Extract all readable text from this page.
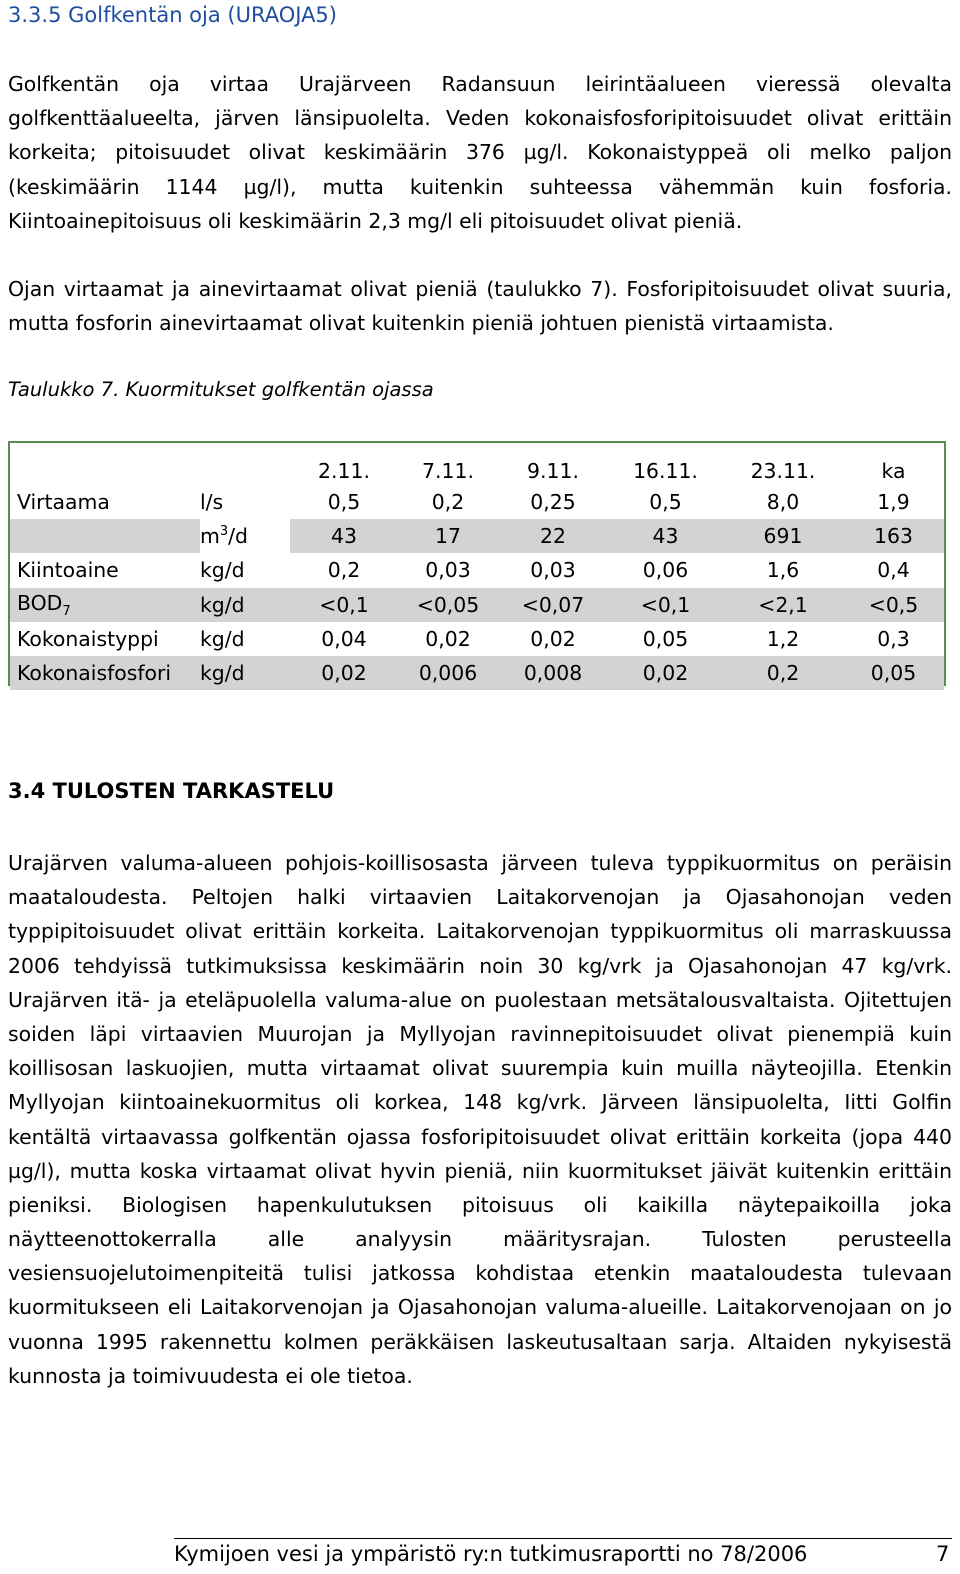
3.3.5 Golfkentän oja (URAOJA5)
Golfkentän oja virtaa Urajärveen Radansuun leirintäalueen vieressä olevalta
golfkenttäalueelta, järven länsipuolelta. Veden kokonaisfosforipitoisuudet olivat erittäin
korkeita; pitoisuudet olivat keskimäärin 376 µg/l. Kokonaistyppeä oli melko paljon
(keskimäärin 1144 µg/l), mutta kuitenkin suhteessa vähemmän kuin fosforia.
Kiintoainepitoisuus oli keskimäärin 2,3 mg/l eli pitoisuudet olivat pieniä.
Ojan virtaamat ja ainevirtaamat olivat pieniä (taulukko 7). Fosforipitoisuudet olivat suuria,
mutta fosforin ainevirtaamat olivat kuitenkin pieniä johtuen pienistä virtaamista.
Taulukko 7. Kuormitukset golfkentän ojassa
		2.11.	7.11.	9.11.	16.11.	23.11.	ka
Virtaama	l/s	0,5	0,2	0,25	0,5	8,0	1,9
	$m^3/d$	43	17	22	43	691	163
Kiintoaine	kg/d	0,2	0,03	0,03	0,06	1,6	0,4
$BOD_7$	kg/d	<0,1	<0,05	<0,07	<0,1	<2,1	<0,5
Kokonaistyppi	kg/d	0,04	0,02	0,02	0,05	1,2	0,3
Kokonaisfosfori	kg/d	0,02	0,006	0,008	0,02	0,2	0,05
3.4 TULOSTEN TARKASTELU
Urajärven valuma-alueen pohjois-koillisosasta järveen tuleva typpikuormitus on peräisin
maataloudesta. Peltojen halki virtaavien Laitakorvenojan ja Ojasahonojan veden
typpipitoisuudet olivat erittäin korkeita. Laitakorvenojan typpikuormitus oli marraskuussa
2006 tehdyissä tutkimuksissa keskimäärin noin 30 kg/vrk ja Ojasahonojan 47 kg/vrk.
Urajärven itä- ja eteläpuolella valuma-alue on puolestaan metsätalousvaltaista. Ojitettujen
soiden läpi virtaavien Muurojan ja Myllyojan ravinnepitoisuudet olivat pienempiä kuin
koillisosan laskuojien, mutta virtaamat olivat suurempia kuin muilla näyteojilla. Etenkin
Myllyojan kiintoainekuormitus oli korkea, 148 kg/vrk. Järveen länsipuolelta, Iitti Golfin
kentältä virtaavassa golfkentän ojassa fosforipitoisuudet olivat erittäin korkeita (jopa 440
µg/l), mutta koska virtaamat olivat hyvin pieniä, niin kuormitukset jäivät kuitenkin erittäin
pieniksi. Biologisen hapenkulutuksen pitoisuus oli kaikilla näytepaikoilla joka
näytteenottokerralla alle analyysin määritysrajan. Tulosten perusteella
vesiensuojelutoimenpiteitä tulisi jatkossa kohdistaa etenkin maataloudesta tulevaan
kuormitukseen eli Laitakorvenojan ja Ojasahonojan valuma-alueille. Laitakorvenojaan on jo
vuonna 1995 rakennettu kolmen peräkkäisen laskeutusaltaan sarja. Altaiden nykyisestä
kunnosta ja toimivuudesta ei ole tietoa.
Kymijoen vesi ja ympäristö ry:n tutkimusraportti no 78/2006	7
